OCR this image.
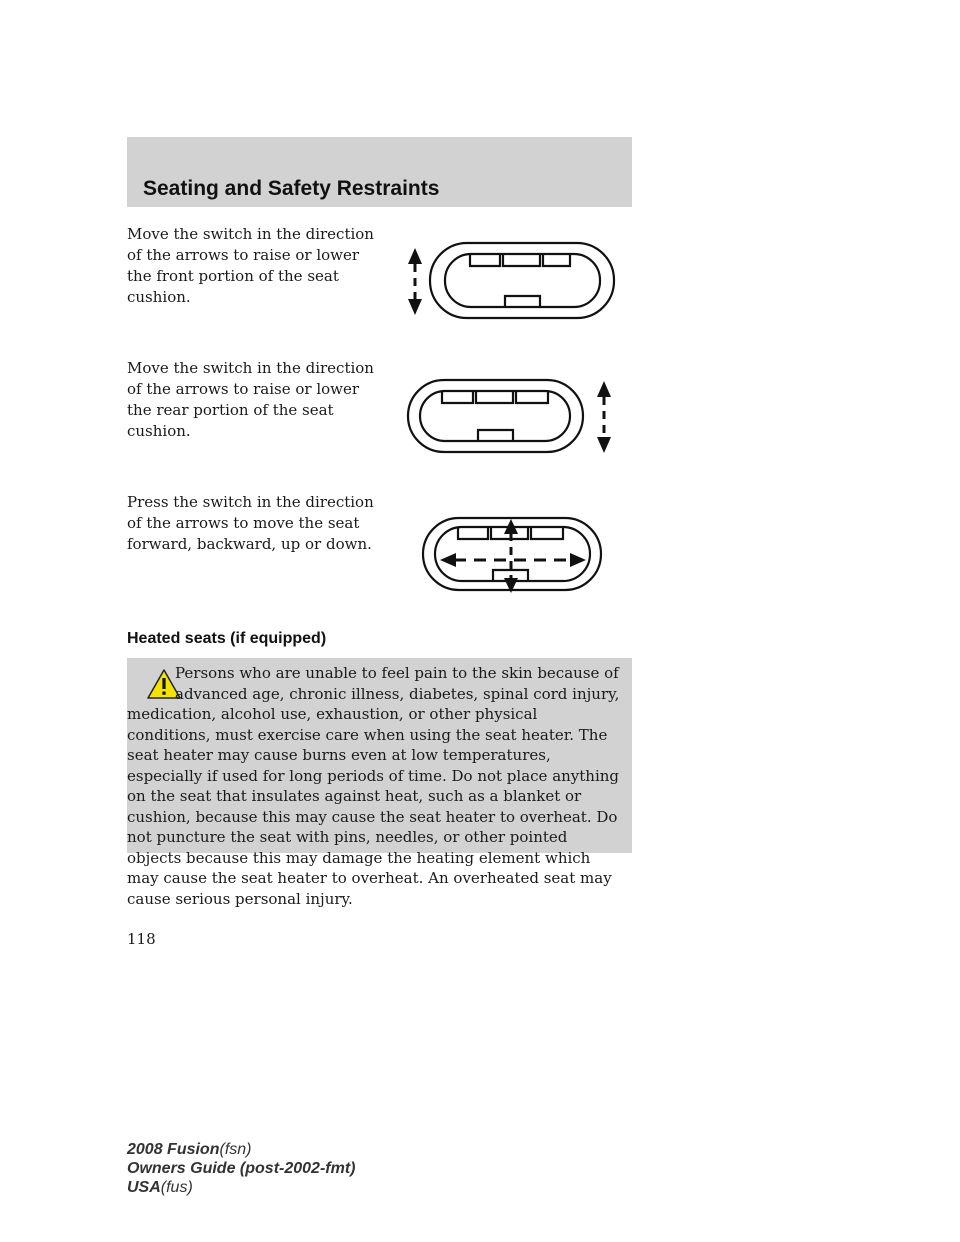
Seating and Safety Restraints
Move the switch in the direction of the arrows to raise or lower the front portion of the seat cushion.
Move the switch in the direction of the arrows to raise or lower the rear portion of the seat cushion.
Press the switch in the direction of the arrows to move the seat forward, backward, up or down.
Heated seats (if equipped)
Persons who are unable to feel pain to the skin because of advanced age, chronic illness, diabetes, spinal cord injury, medication, alcohol use, exhaustion, or other physical conditions, must exercise care when using the seat heater. The seat heater may cause burns even at low temperatures, especially if used for long periods of time. Do not place anything on the seat that insulates against heat, such as a blanket or cushion, because this may cause the seat heater to overheat. Do not puncture the seat with pins, needles, or other pointed objects because this may damage the heating element which may cause the seat heater to overheat. An overheated seat may cause serious personal injury.
118
2008 Fusion(fsn)
Owners Guide (post-2002-fmt)
USA(fus)
